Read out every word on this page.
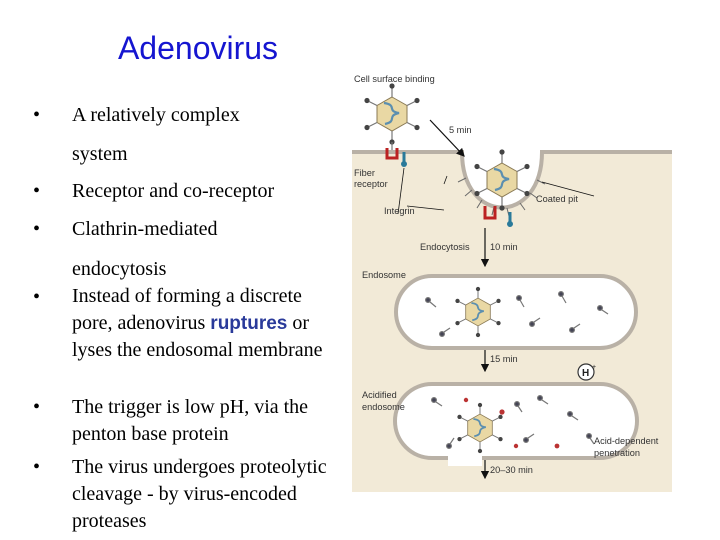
Adenovirus
• A relatively complex
system
• Receptor and co-receptor
• Clathrin-mediated
endocytosis
• Instead of forming a discrete pore, adenovirus ruptures or lyses the endosomal membrane
• The trigger is low pH, via the penton base protein
• The virus undergoes proteolytic cleavage - by virus-encoded proteases
H
+
Cell surface binding
5 min
Fiber
receptor
Integrin
Coated pit
Endocytosis 10 min
Endosome
15 min
Acidified
endosome
Acid-dependent
penetration
20–30 min
